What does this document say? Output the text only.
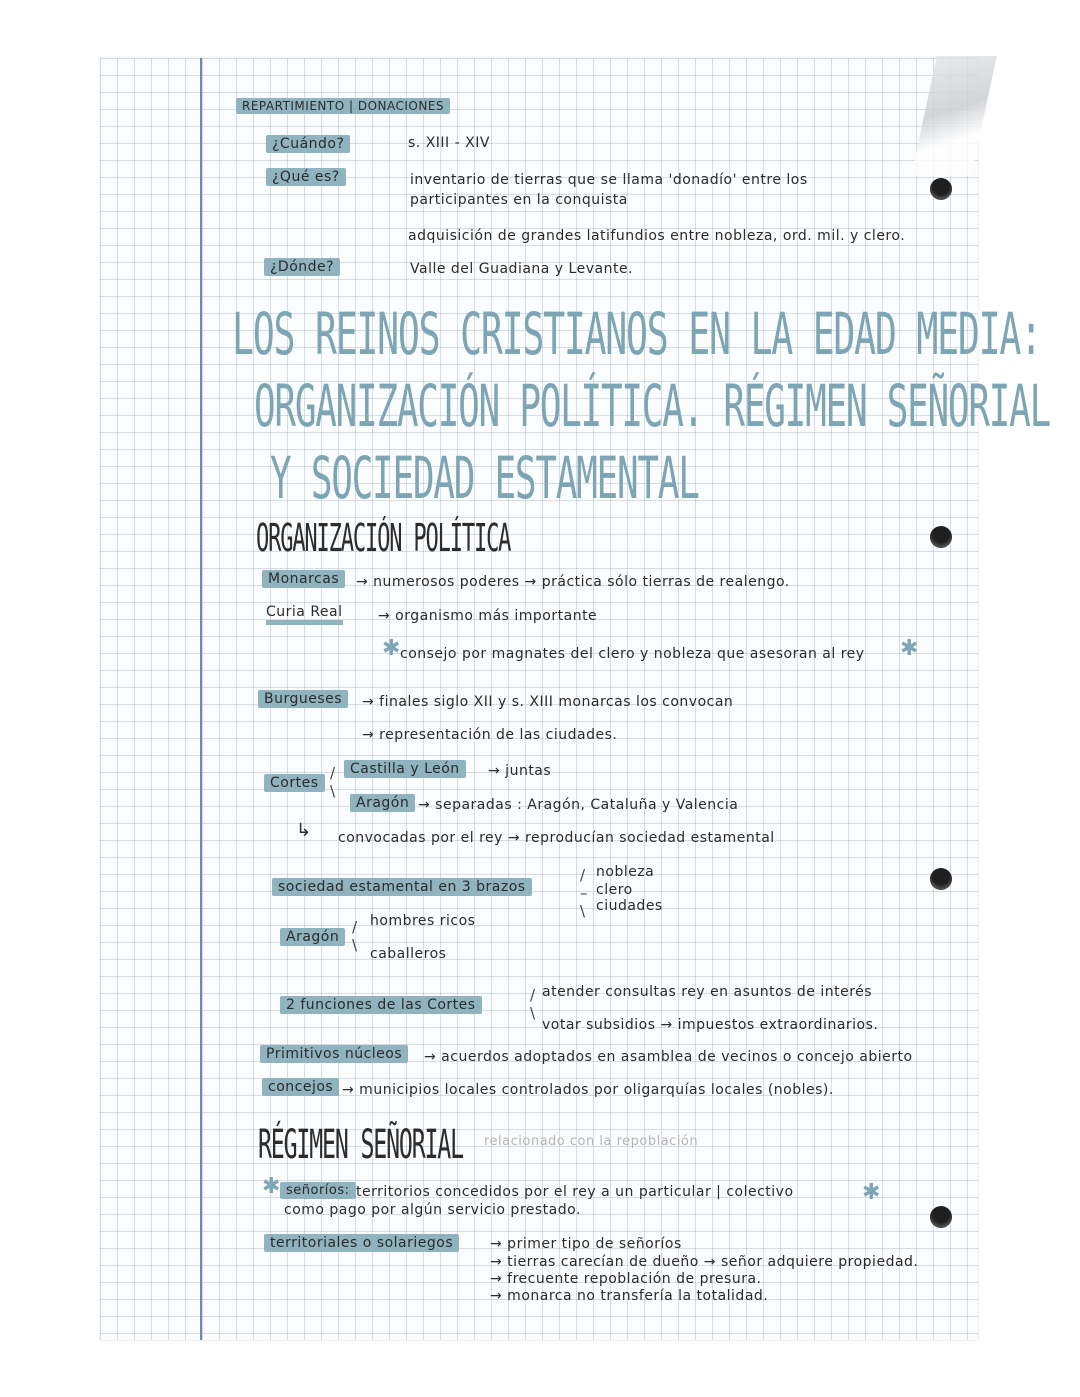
REPARTIMIENTO | DONACIONES
¿Cuándo?	s. XIII - XIV
¿Qué es?	inventario de tierras que se llama 'donadío' entre los
participantes en la conquista
adquisición de grandes latifundios entre nobleza, ord. mil. y clero.
¿Dónde?	Valle del Guadiana y Levante.
LOS REINOS CRISTIANOS EN LA EDAD MEDIA:
ORGANIZACIÓN POLÍTICA. RÉGIMEN SEÑORIAL
Y SOCIEDAD ESTAMENTAL
ORGANIZACIÓN POLÍTICA
Monarcas	→ numerosos poderes → práctica sólo tierras de realengo.
Curia Real	→ organismo más importante
✱ consejo por magnates del clero y nobleza que asesoran al rey ✱
Burgueses	→ finales siglo XII y s. XIII monarcas los convocan
→ representación de las ciudades.
Cortes
/
\
Castilla y León	→ juntas
Aragón → separadas : Aragón, Cataluña y Valencia
↳ convocadas por el rey → reproducían sociedad estamental
sociedad estamental en 3 brazos
/
–
\
nobleza
clero
ciudades
Aragón
/
\
hombres ricos
caballeros
2 funciones de las Cortes
/
\
atender consultas rey en asuntos de interés
votar subsidios → impuestos extraordinarios.
Primitivos núcleos	→ acuerdos adoptados en asamblea de vecinos o concejo abierto
concejos → municipios locales controlados por oligarquías locales (nobles).
RÉGIMEN SEÑORIAL relacionado con la repoblación
✱ señoríos: territorios concedidos por el rey a un particular | colectivo
como pago por algún servicio prestado.
✱
territoriales o solariegos	→ primer tipo de señoríos
→ tierras carecían de dueño → señor adquiere propiedad.
→ frecuente repoblación de presura.
→ monarca no transfería la totalidad.
